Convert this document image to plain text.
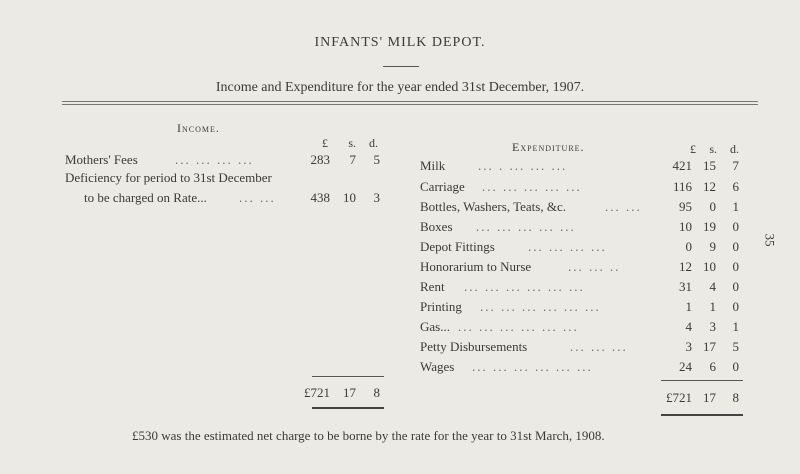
INFANTS' MILK DEPOT.
Income and Expenditure for the year ended 31st December, 1907.
35
Income.
£	s.	d.
Mothers' Fees	... ... ... ...	283	7	5
Deficiency for period to 31st December
to be charged on Rate... ... ...	438 10	3
£721 17	8
Expenditure.	£	s.	d.
Milk	... . ... ... ...	421 15	7
Carriage ... ... ... ... ...	116 12	6
Bottles, Washers, Teats, &c.	... ...	95	0	1
Boxes ... ... ... ... ...	10 19	0
Depot Fittings	... ... ... ...	0	9	0
Honorarium to Nurse	... ... ..	12 10	0
Rent ... ... ... ... ... ...	31	4	0
Printing ... ... ... ... ... ...	1	1	0
Gas... ... ... ... ... ... ...	4	3	1
Petty Disbursements	... ... ...	3 17	5
Wages ... ... ... ... ... ...	24	6	0
£721 17	8
£530 was the estimated net charge to be borne by the rate for the year to 31st March, 1908.
